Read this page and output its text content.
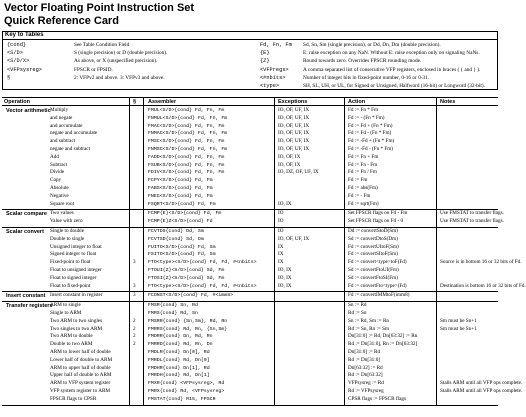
Vector Floating Point Instruction Set
Quick Reference Card
Key to Tables
{cond}	See Table Condition Field	Fd, Fn, Fm Sd, Sn, Sm (single precision), or Dd, Dn, Dm (double precision).
<S/D>	S (single precision) or D (double precision).	{E}	E: raise exception on any NaN. Without E: raise exception only on signaling NaNs.
<S/D/X>	As above, or X (unspecified precision).	{Z}	Round towards zero. Overrides FPSCR rounding mode.
<VFPsysreg>	FPSCR or FPSID.	<VFPregs>	A comma separated list of consecutive VFP registers, enclosed in braces ( { and } ).
§	2: VFPv2 and above. 3: VFPv3 and above.	<#nbits>	Number of integer bits in fixed-point number, 0-16 or 0-31.
<type>	SH, SL, UH, or UL, for Signed or Unsigned, Halfword (16-bit) or Longword (32-bit).
Operation	§ Assembler	Exceptions	Action	Notes
Vector arithmetic Multiply	FMUL<S/D>{cond} Fd, Fn, Fm	IO, OF, UF, IX	Fd := Fn * Fm
and negate	FNMUL<S/D>{cond} Fd, Fn, Fm	IO, OF, UF, IX	Fd := - (Fn * Fm)
and accumulate	FMAC<S/D>{cond} Fd, Fn, Fm	IO, OF, UF, IX	Fd := Fd + (Fn * Fm)
negate and accumulate	FNMAC<S/D>{cond} Fd, Fn, Fm	IO, OF, UF, IX	Fd := Fd - (Fn * Fm)
and subtract	FMSC<S/D>{cond} Fd, Fn, Fm	IO, OF, UF, IX	Fd := -Fd + (Fn * Fm)
negate and subtract	FNMSC<S/D>{cond} Fd, Fn, Fm	IO, OF, UF, IX	Fd := -Fd - (Fn * Fm)
Add	FADD<S/D>{cond} Fd, Fn, Fm	IO, OF, IX	Fd := Fn + Fm
Subtract	FSUB<S/D>{cond} Fd, Fn, Fm	IO, OF, IX	Fd := Fn - Fm
Divide	FDIV<S/D>{cond} Fd, Fn, Fm	IO, DZ, OF, UF, IX	Fd := Fn / Fm
Copy	FCPY<S/D>{cond} Fd, Fm	Fd := Fm
Absolute	FABS<S/D>{cond} Fd, Fm	Fd := abs(Fm)
Negative	FNEG<S/D>{cond} Fd, Fm	Fd := - Fm
Square root	FSQRT<S/D>{cond} Fd, Fm	IO, IX	Fd := sqrt(Fm)
Scalar compare Two values	FCMP{E}<S/D>{cond} Fd, Fm	IO	Set FPSCR flags on Fd - Fm	Use FMSTAT to transfer flags.
Value with zero	FCMP{E}Z<S/D>{cond} Fd	IO	Set FPSCR flags on Fd - 0	Use FMSTAT to transfer flags.
Scalar convert Single to double	FCVTDS{cond} Dd, Sm	IO	Dd := convertStoD(Sm)
Double to single	FCVTSD{cond} Sd, Dm	IO, OF, UF, IX	Sd := convertDtoS(Dm)
Unsigned integer to float	FUITO<S/D>{cond} Fd, Sm	IX	Fd := convertUItoF(Sm)
Signed integer to float	FSITO<S/D>{cond} Fd, Sm	IX	Fd := convertSItoF(Sm)
Fixed-point to float	3	FTO<type><S/D>{cond} Fd, Fd, #<nbits>	IX	Fd := convert<type>toF(Fd)	Source is in bottom 16 or 32 bits of Fd.
Float to unsigned integer	FTOUI{Z}<S/D>{cond} Sd, Fm	IO, IX	Sd := convertFtoUI(Fm)
Float to signed integer	FTOSI{Z}<S/D>{cond} Sd, Fm	IO, IX	Sd := convertFtoSI(Fm)
Float to fixed-point	3	FTO<type><S/D>{cond} Fd, Fd, #<nbits>	IO, IX	Fd := convertFto<type>(Fd)	Destination is bottom 16 or 32 bits of Fd.
Insert constant Insert constant in register	3	FCONST<S/D>{cond} Fd, #<imm8>	Fd := convertIMMtoF(imm8)
Transfer registers
ARM to single	FMSR{cond} Sn, Rd	Sn := Rd
Single to ARM	FMRS{cond} Rd, Sn	Rd := Sn
Two ARM to two singles	2	FMSRR{cond} {Sn,Sm}, Rd, Rn	Sn := Rd, Sm := Rn	Sm must be Sn+1
Two singles to two ARM	2	FMRRS{cond} Rd, Rn, {Sn,Sm}	Rd := Sn, Rn := Sm	Sm must be Sn+1
Two ARM to double	2	FMDRR{cond} Dn, Rd, Rn	Dn[31:0] := Rd, Dn[63:32] := Rn
Double to two ARM	2	FMRRD{cond} Rd, Rn, Dn	Rd := Dn[31:0], Rn := Dn[63:32]
ARM to lower half of double	FMDLR{cond} Dn[0], Rd	Dn[31:0] := Rd
Lower half of double to ARM	FMRDL{cond} Rd, Dn[0]	Rd := Dn[31:0]
ARM to upper half of double	FMDHR{cond} Dn[1], Rd	Dn[63:32] := Rd
Upper half of double to ARM	FMRDH{cond} Rd, Dn[1]	Rd := Dn[63:32]
ARM to VFP system register	FMXR{cond} <VFPsysreg>, Rd	VFPsysreg := Rd	Stalls ARM until all VFP ops complete.
VFP system register to ARM	FMRX{cond} Rd, <VFPsysreg>	Rd := VFPsysreg	Stalls ARM until all VFP ops complete.
FPSCR flags to CPSR	FMSTAT{cond} R15, FPSCR	CPSR flags := FPSCR flags
